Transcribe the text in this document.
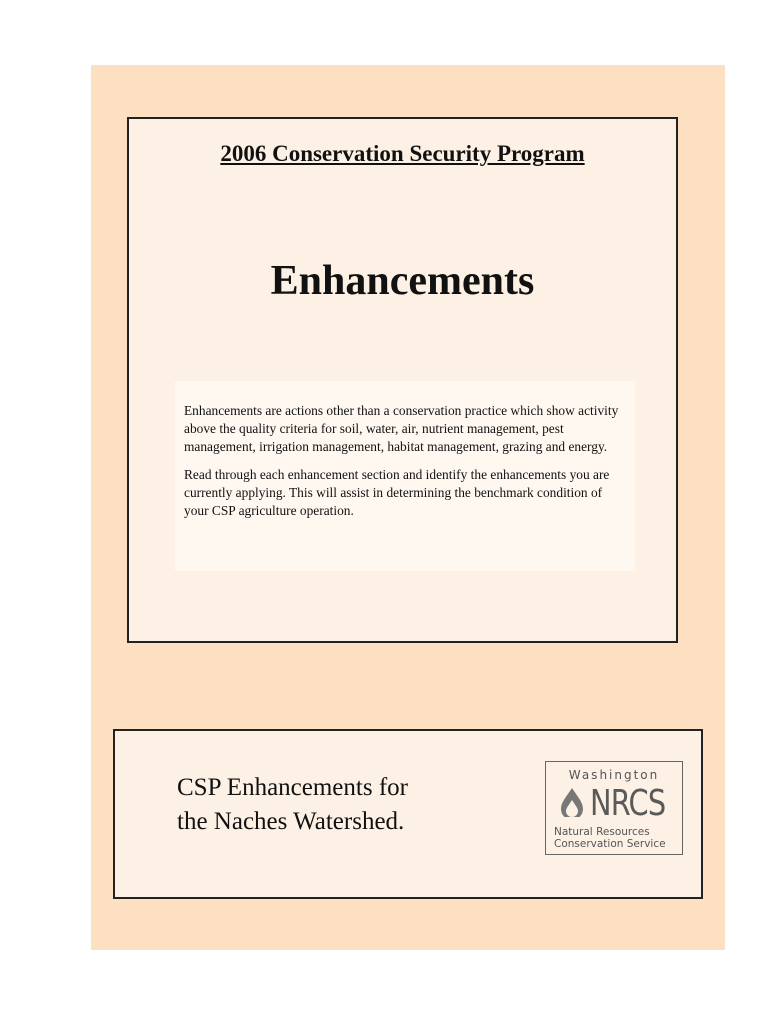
2006 Conservation Security Program
Enhancements

Enhancements are actions other than a conservation practice which show activity above the quality criteria for soil, water, air, nutrient management, pest management, irrigation management, habitat management, grazing and energy.

Read through each enhancement section and identify the enhancements you are currently applying. This will assist in determining the benchmark condition of your CSP agriculture operation.

CSP Enhancements for
the Naches Watershed.
Washington
NRCS
Natural Resources
Conservation Service
